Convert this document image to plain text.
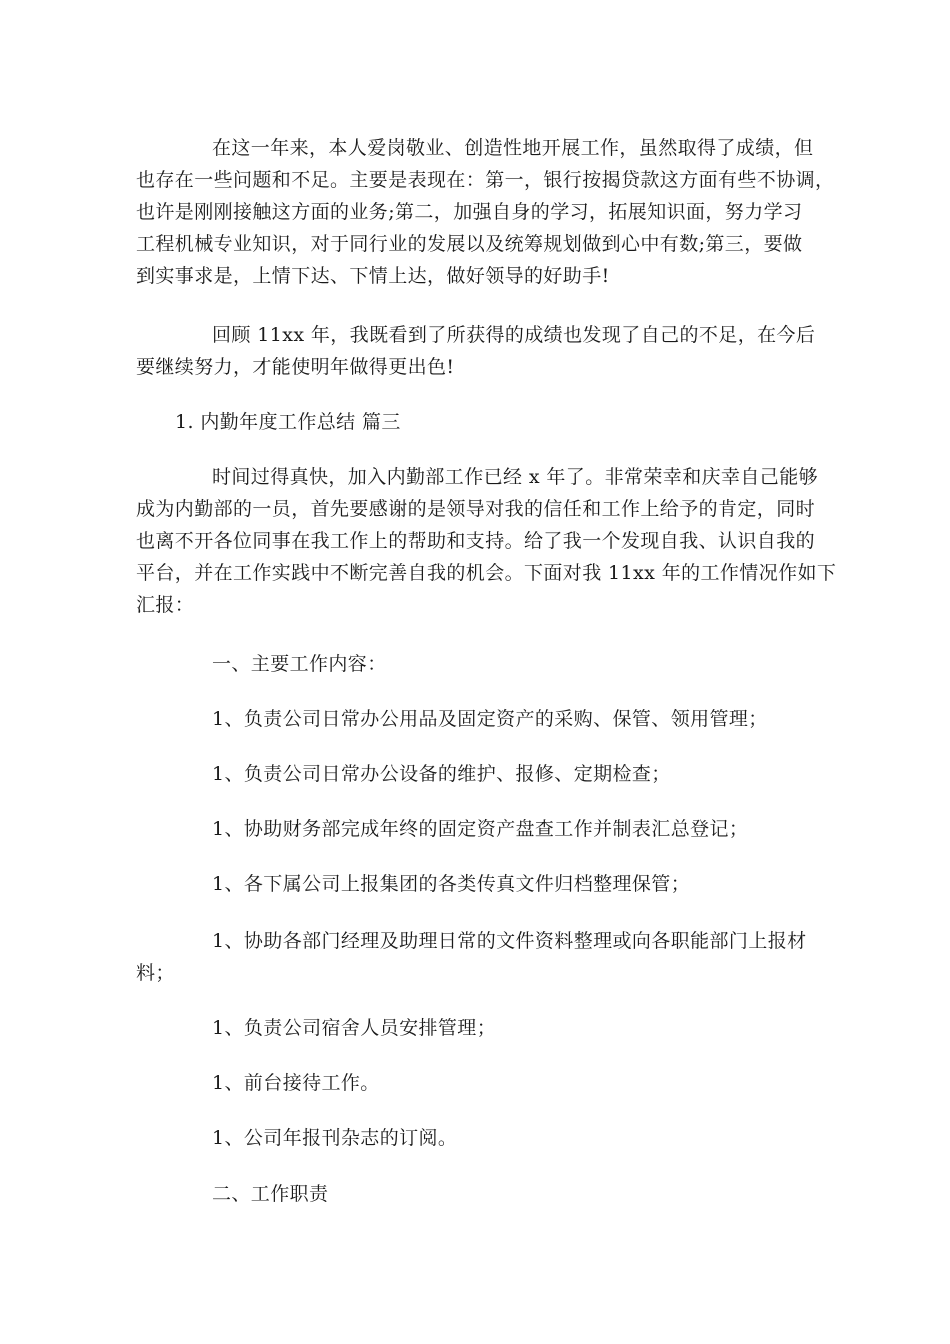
在这一年来，本人爱岗敬业、创造性地开展工作，虽然取得了成绩，但
也存在一些问题和不足。主要是表现在：第一，银行按揭贷款这方面有些不协调，
也许是刚刚接触这方面的业务;第二，加强自身的学习，拓展知识面，努力学习
工程机械专业知识，对于同行业的发展以及统筹规划做到心中有数;第三，要做
到实事求是，上情下达、下情上达，做好领导的好助手!
回顾 11xx 年，我既看到了所获得的成绩也发现了自己的不足，在今后
要继续努力，才能使明年做得更出色!
1. 内勤年度工作总结 篇三
时间过得真快，加入内勤部工作已经 x 年了。非常荣幸和庆幸自己能够
成为内勤部的一员，首先要感谢的是领导对我的信任和工作上给予的肯定，同时
也离不开各位同事在我工作上的帮助和支持。给了我一个发现自我、认识自我的
平台，并在工作实践中不断完善自我的机会。下面对我 11xx 年的工作情况作如下
汇报：
一、主要工作内容：
1、负责公司日常办公用品及固定资产的采购、保管、领用管理；
1、负责公司日常办公设备的维护、报修、定期检查；
1、协助财务部完成年终的固定资产盘查工作并制表汇总登记；
1、各下属公司上报集团的各类传真文件归档整理保管；
1、协助各部门经理及助理日常的文件资料整理或向各职能部门上报材
料；
1、负责公司宿舍人员安排管理；
1、前台接待工作。
1、公司年报刊杂志的订阅。
二、工作职责
